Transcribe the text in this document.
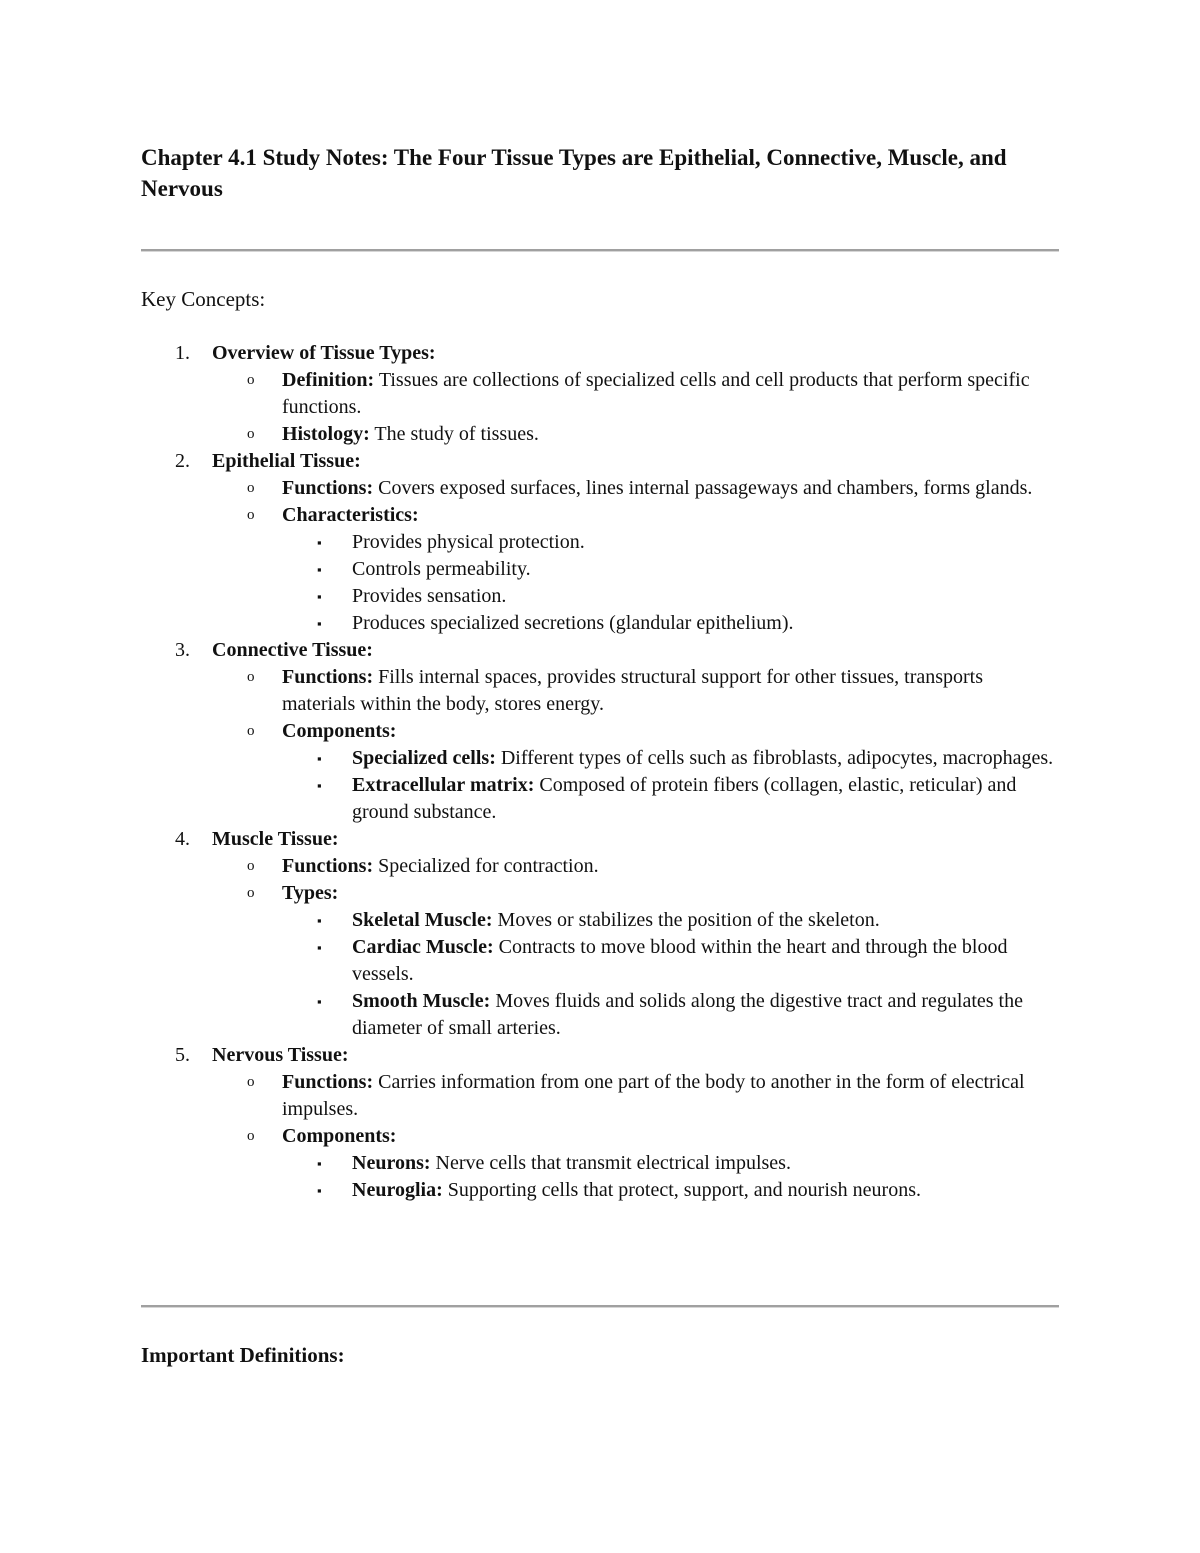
Chapter 4.1 Study Notes: The Four Tissue Types are Epithelial, Connective, Muscle, and Nervous

Key Concepts:

1. Overview of Tissue Types:
o Definition: Tissues are collections of specialized cells and cell products that perform specific functions.
o Histology: The study of tissues.
2. Epithelial Tissue:
o Functions: Covers exposed surfaces, lines internal passageways and chambers, forms glands.
o Characteristics:
▪ Provides physical protection.
▪ Controls permeability.
▪ Provides sensation.
▪ Produces specialized secretions (glandular epithelium).
3. Connective Tissue:
o Functions: Fills internal spaces, provides structural support for other tissues, transports materials within the body, stores energy.
o Components:
▪ Specialized cells: Different types of cells such as fibroblasts, adipocytes, macrophages.
▪ Extracellular matrix: Composed of protein fibers (collagen, elastic, reticular) and ground substance.
4. Muscle Tissue:
o Functions: Specialized for contraction.
o Types:
▪ Skeletal Muscle: Moves or stabilizes the position of the skeleton.
▪ Cardiac Muscle: Contracts to move blood within the heart and through the blood vessels.
▪ Smooth Muscle: Moves fluids and solids along the digestive tract and regulates the diameter of small arteries.
5. Nervous Tissue:
o Functions: Carries information from one part of the body to another in the form of electrical impulses.
o Components:
▪ Neurons: Nerve cells that transmit electrical impulses.
▪ Neuroglia: Supporting cells that protect, support, and nourish neurons.

Important Definitions:
